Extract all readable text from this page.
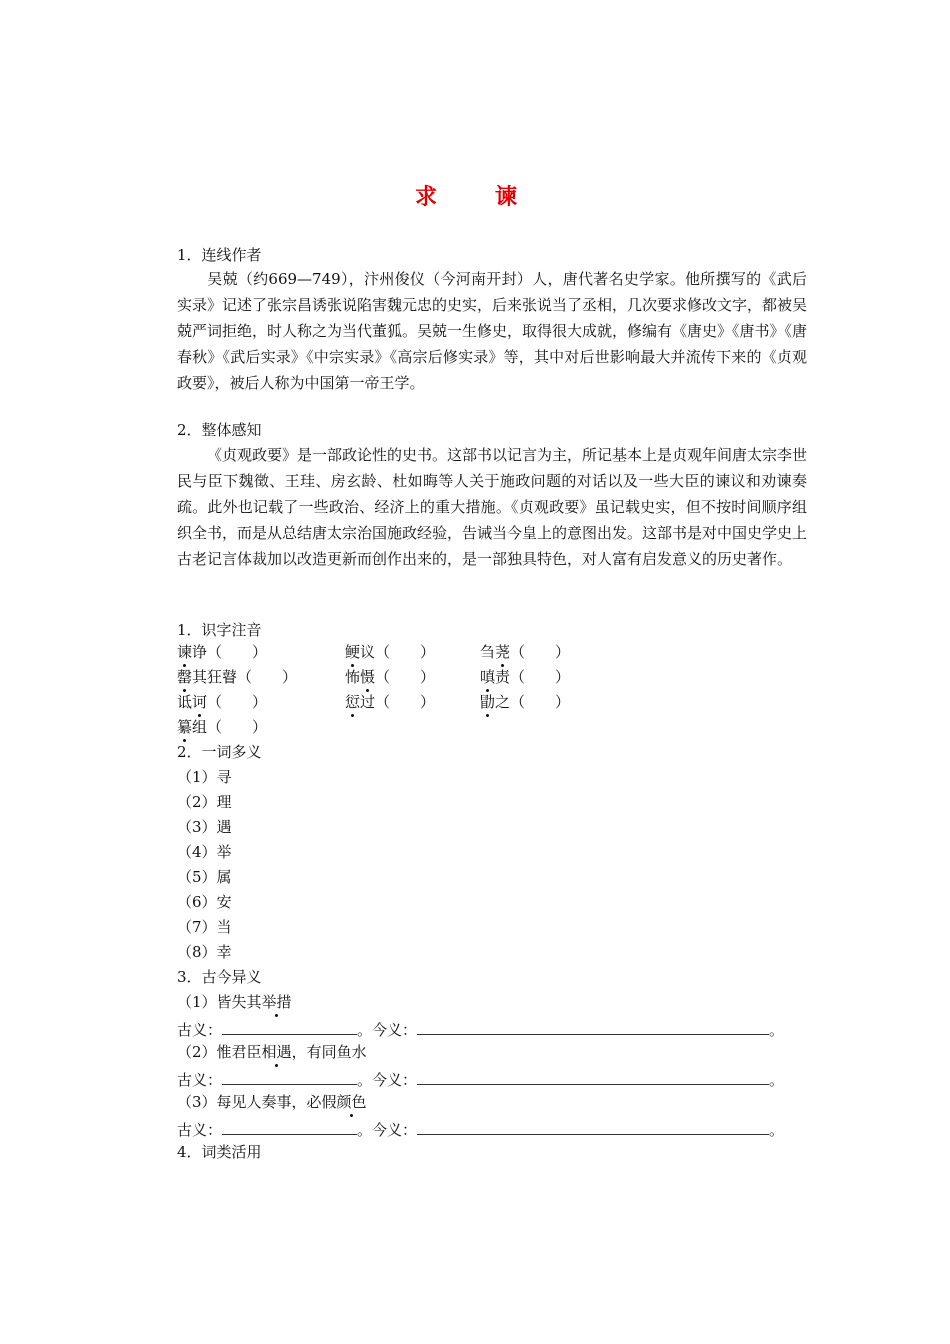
求　谏
1．连线作者
吴兢（约669—749），汴州俊仪（今河南开封）人，唐代著名史学家。他所撰写的《武后实录》记述了张宗昌诱张说陷害魏元忠的史实，后来张说当了丞相，几次要求修改文字，都被吴兢严词拒绝，时人称之为当代董狐。吴兢一生修史，取得很大成就，修编有《唐史》《唐书》《唐春秋》《武后实录》《中宗实录》《高宗后修实录》等，其中对后世影响最大并流传下来的《贞观政要》，被后人称为中国第一帝王学。
2．整体感知
《贞观政要》是一部政论性的史书。这部书以记言为主，所记基本上是贞观年间唐太宗李世民与臣下魏徵、王珪、房玄龄、杜如晦等人关于施政问题的对话以及一些大臣的谏议和劝谏奏疏。此外也记载了一些政治、经济上的重大措施。《贞观政要》虽记载史实，但不按时间顺序组织全书，而是从总结唐太宗治国施政经验，告诫当今皇上的意图出发。这部书是对中国史学史上古老记言体裁加以改造更新而创作出来的，是一部独具特色，对人富有启发意义的历史著作。
1．识字注音
谏诤（　　）	鲠议（　　）	刍荛（　　）
罄其狂瞽（　　）	怖慑（　　）	嗔责（　　）
诋诃（　　）	愆过（　　）	勖之（　　）
纂组（　　）
2．一词多义
（1）寻
（2）理
（3）遇
（4）举
（5）属
（6）安
（7）当
（8）幸
3．古今异义
（1）皆失其举措
古义：	。今义：	。
（2）惟君臣相遇，有同鱼水
古义：	。今义：	。
（3）每见人奏事，必假颜色
古义：	。今义：	。
4．词类活用
